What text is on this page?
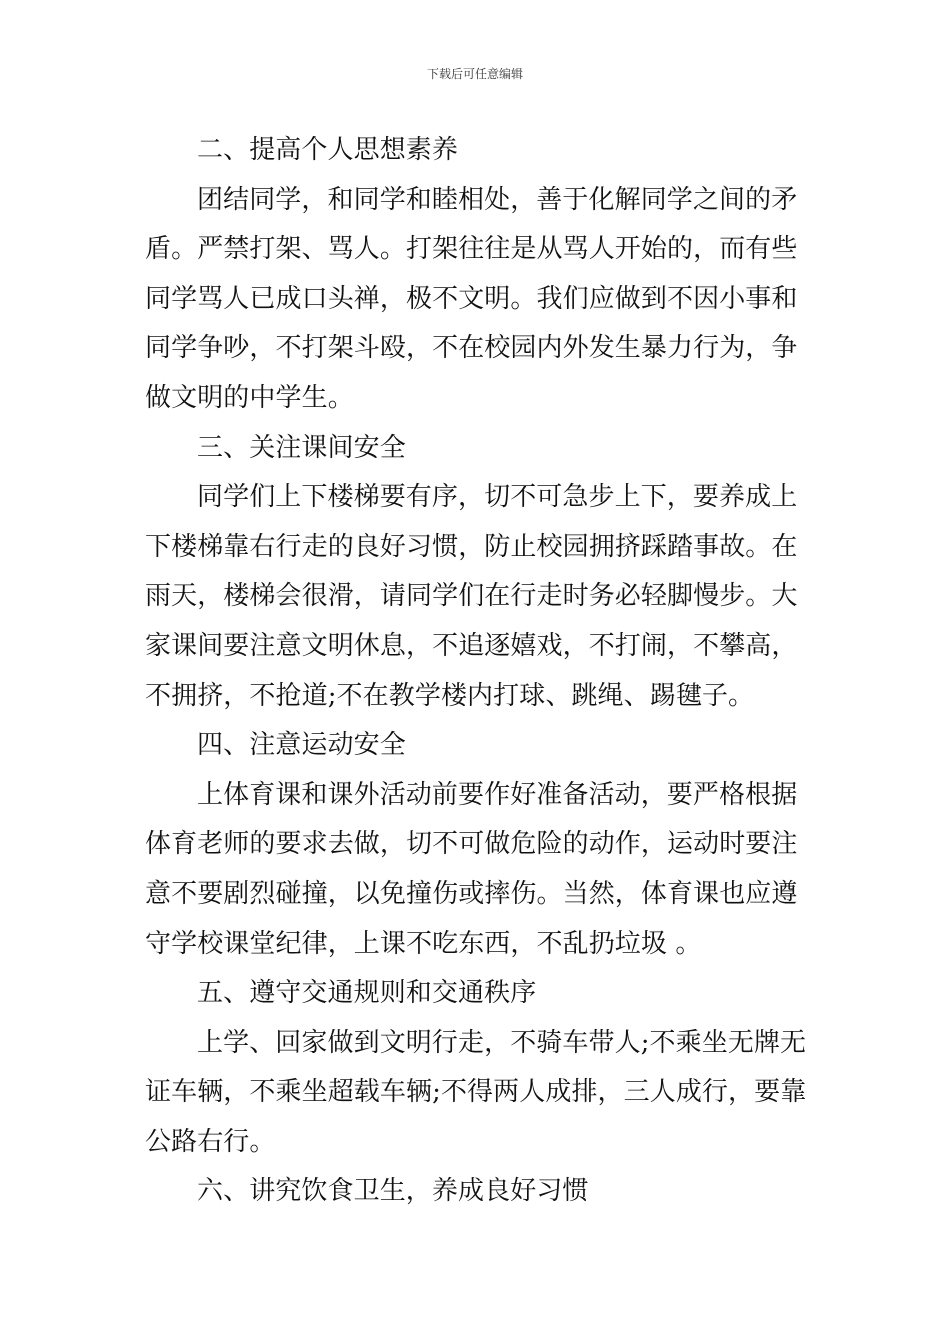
下载后可任意编辑
二、提高个人思想素养
团结同学，和同学和睦相处，善于化解同学之间的矛
盾。严禁打架、骂人。打架往往是从骂人开始的，而有些
同学骂人已成口头禅，极不文明。我们应做到不因小事和
同学争吵，不打架斗殴，不在校园内外发生暴力行为，争
做文明的中学生。
三、关注课间安全
同学们上下楼梯要有序，切不可急步上下，要养成上
下楼梯靠右行走的良好习惯，防止校园拥挤踩踏事故。在
雨天，楼梯会很滑，请同学们在行走时务必轻脚慢步。大
家课间要注意文明休息，不追逐嬉戏，不打闹，不攀高，
不拥挤，不抢道;不在教学楼内打球、跳绳、踢毽子。
四、注意运动安全
上体育课和课外活动前要作好准备活动，要严格根据
体育老师的要求去做，切不可做危险的动作，运动时要注
意不要剧烈碰撞，以免撞伤或摔伤。当然，体育课也应遵
守学校课堂纪律，上课不吃东西，不乱扔垃圾 。
五、遵守交通规则和交通秩序
上学、回家做到文明行走，不骑车带人;不乘坐无牌无
证车辆，不乘坐超载车辆;不得两人成排，三人成行，要靠
公路右行。
六、讲究饮食卫生，养成良好习惯
